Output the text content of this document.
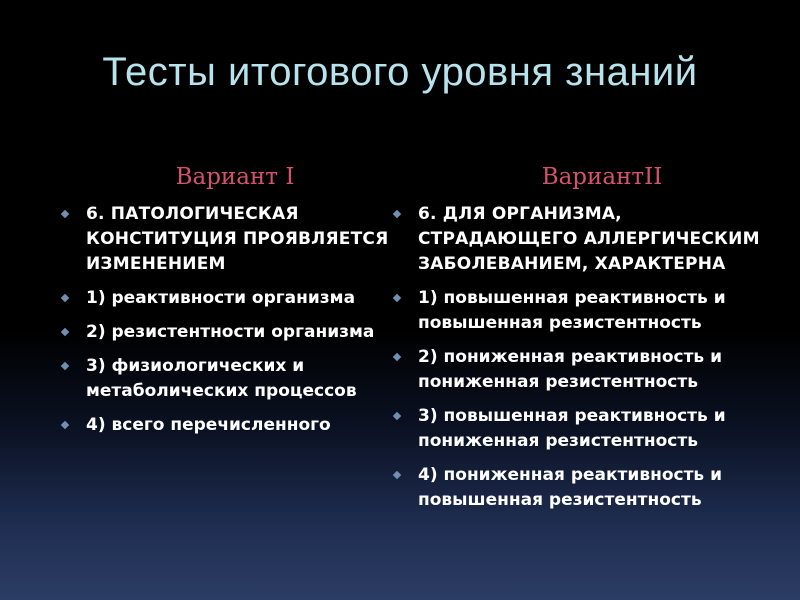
Тесты итогового уровня знаний
Вариант I
6. ПАТОЛОГИЧЕСКАЯ КОНСТИТУЦИЯ ПРОЯВЛЯЕТСЯ ИЗМЕНЕНИЕМ
1) реактивности организма
2) резистентности организма
3) физиологических и метаболических процессов
4) всего перечисленного
ВариантII
6. ДЛЯ ОРГАНИЗМА, СТРАДАЮЩЕГО АЛЛЕРГИЧЕСКИМ ЗАБОЛЕВАНИЕМ, ХАРАКТЕРНА
1) повышенная реактивность и повышенная резистентность
2) пониженная реактивность и пониженная резистентность
3) повышенная реактивность и пониженная резистентность
4) пониженная реактивность и повышенная резистентность
